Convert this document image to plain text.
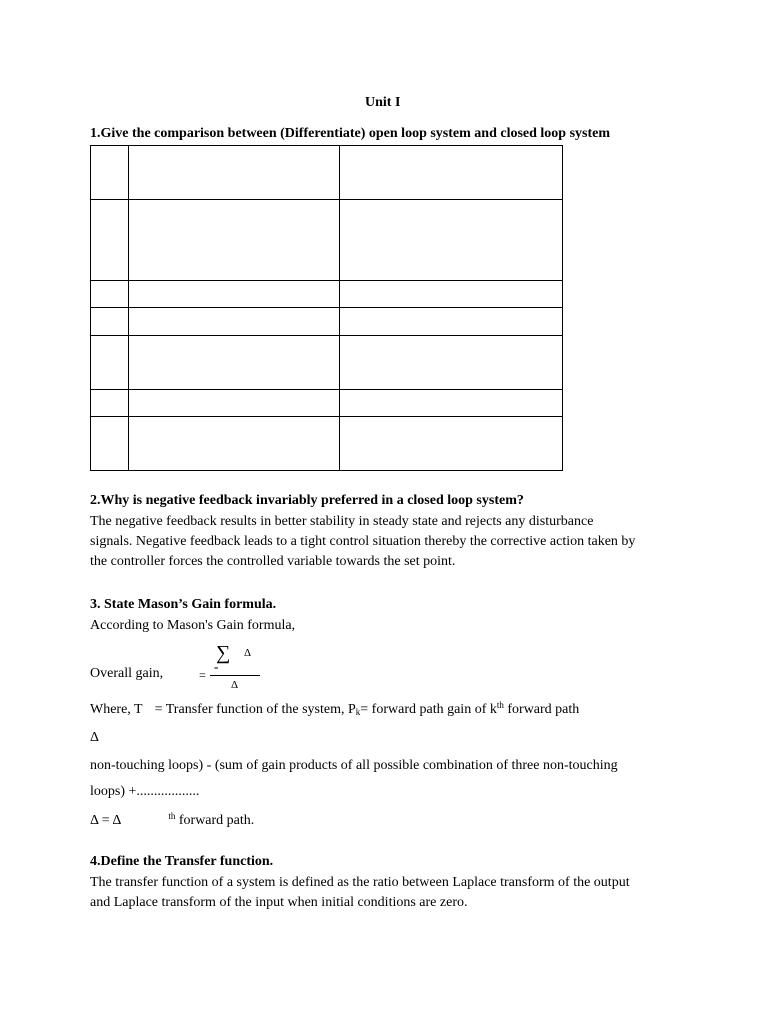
Unit I
1.Give the comparison between (Differentiate) open loop system and closed loop system

2.Why is negative feedback invariably preferred in a closed loop system?
The negative feedback results in better stability in steady state and rejects any disturbance
signals. Negative feedback leads to a tight control situation thereby the corrective action taken by
the controller forces the controlled variable towards the set point.
3. State Mason’s Gain formula.
According to Mason's Gain formula,
∑ Δ
Overall gain,	=
-
Δ
Where, T = Transfer function of the system, $P_k=$ forward path gain of $k^{th}$ forward path
Δ
non-touching loops) - (sum of gain products of all possible combination of three non-touching
loops) +..................
Δ = Δ	$^{th}$ forward path.
4.Define the Transfer function.
The transfer function of a system is defined as the ratio between Laplace transform of the output
and Laplace transform of the input when initial conditions are zero.
